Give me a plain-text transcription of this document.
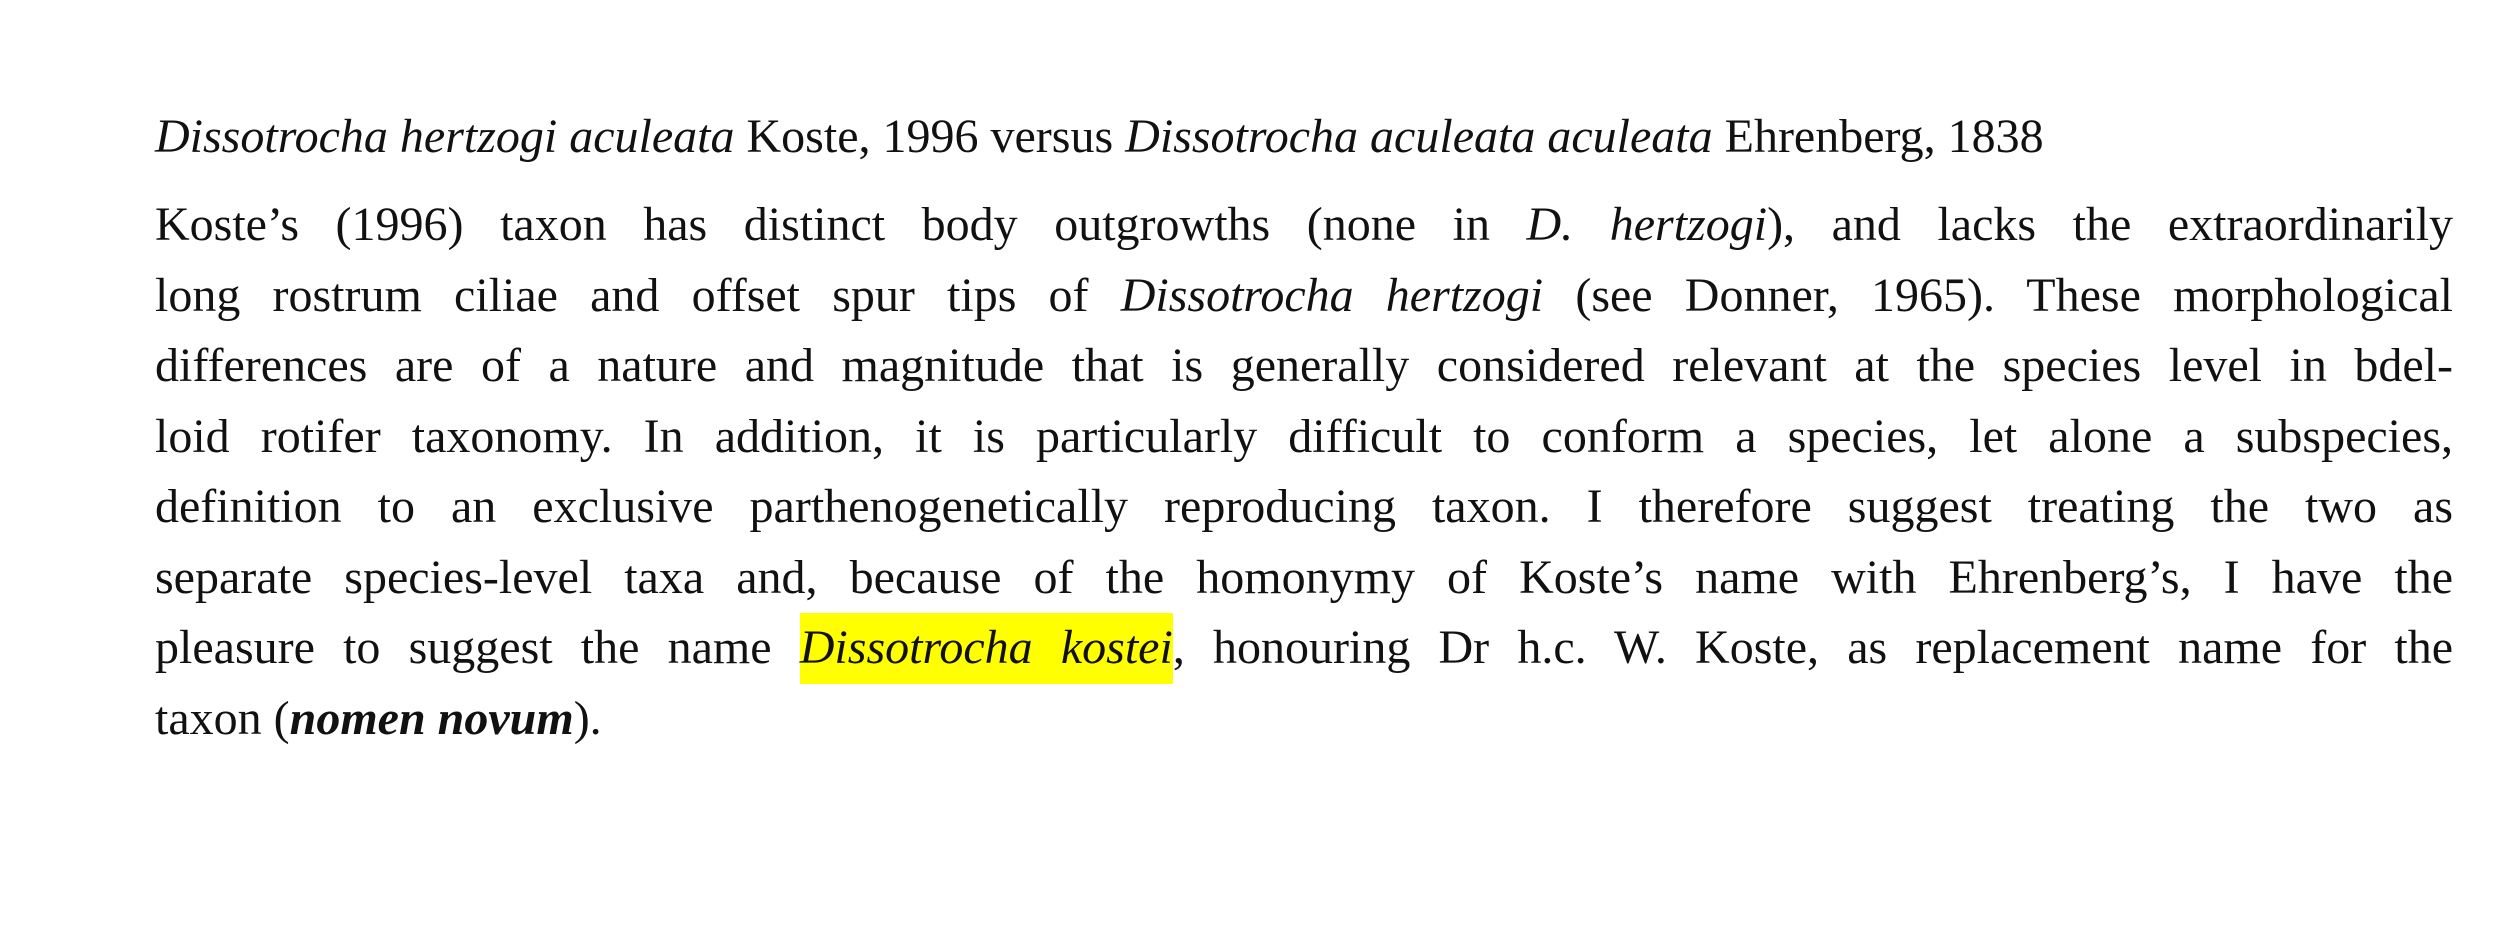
Dissotrocha hertzogi aculeata Koste, 1996 versus Dissotrocha aculeata aculeata Ehrenberg, 1838
Koste’s (1996) taxon has distinct body outgrowths (none in D. hertzogi), and lacks the extraordinarily
long rostrum ciliae and offset spur tips of Dissotrocha hertzogi (see Donner, 1965). These morphological
differences are of a nature and magnitude that is generally considered relevant at the species level in bdel-
loid rotifer taxonomy. In addition, it is particularly difficult to conform a species, let alone a subspecies,
definition to an exclusive parthenogenetically reproducing taxon. I therefore suggest treating the two as
separate species-level taxa and, because of the homonymy of Koste’s name with Ehrenberg’s, I have the
pleasure to suggest the name Dissotrocha kostei, honouring Dr h.c. W. Koste, as replacement name for the
taxon (nomen novum).
